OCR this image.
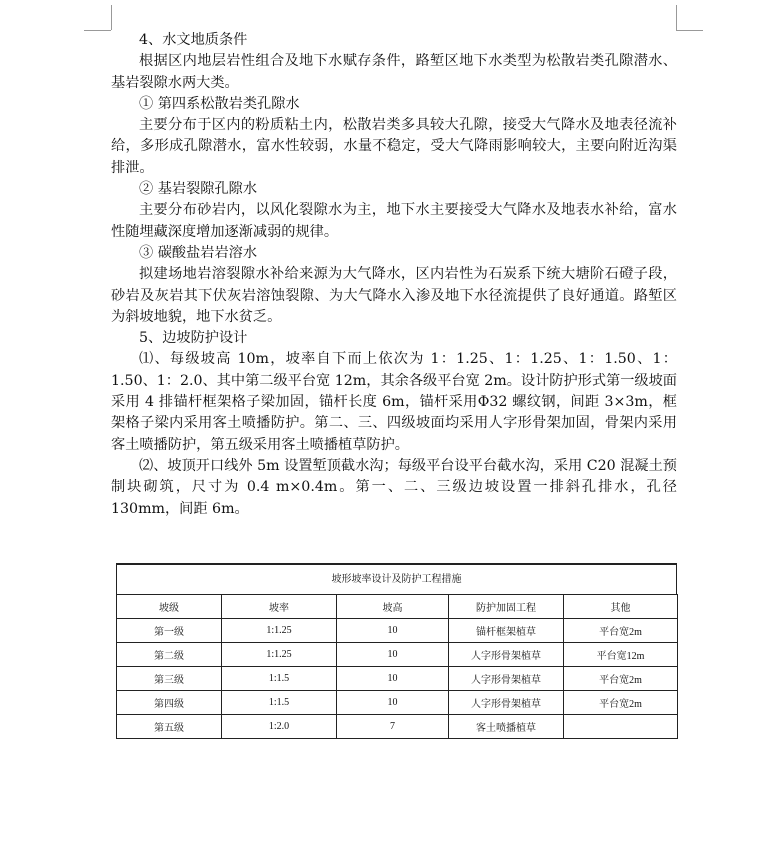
4、水文地质条件

根据区内地层岩性组合及地下水赋存条件，路堑区地下水类型为松散岩类孔隙潜水、基岩裂隙水两大类。

① 第四系松散岩类孔隙水

主要分布于区内的粉质粘土内，松散岩类多具较大孔隙，接受大气降水及地表径流补给，多形成孔隙潜水，富水性较弱，水量不稳定，受大气降雨影响较大，主要向附近沟渠排泄。

② 基岩裂隙孔隙水

主要分布砂岩内，以风化裂隙水为主，地下水主要接受大气降水及地表水补给，富水性随埋藏深度增加逐渐减弱的规律。

③ 碳酸盐岩岩溶水

拟建场地岩溶裂隙水补给来源为大气降水，区内岩性为石炭系下统大塘阶石磴子段，砂岩及灰岩其下伏灰岩溶蚀裂隙、为大气降水入渗及地下水径流提供了良好通道。路堑区为斜坡地貌，地下水贫乏。

5、边坡防护设计

⑴、每级坡高 10m，坡率自下而上依次为 1：1.25、1：1.25、1：1.50、1：1.50、1：2.0、其中第二级平台宽 12m，其余各级平台宽 2m。设计防护形式第一级坡面采用 4 排锚杆框架格子梁加固，锚杆长度 6m，锚杆采用Φ32 螺纹钢，间距 3×3m，框架格子梁内采用客土喷播防护。第二、三、四级坡面均采用人字形骨架加固，骨架内采用客土喷播防护，第五级采用客土喷播植草防护。

⑵、坡顶开口线外 5m 设置堑顶截水沟；每级平台设平台截水沟，采用 C20 混凝土预制块砌筑，尺寸为 0.4 m×0.4m。第一、二、三级边坡设置一排斜孔排水，孔径 130mm，间距 6m。

坡形坡率设计及防护工程措施
坡级	坡率	坡高	防护加固工程	其他
第一级	1:1.25	10	锚杆框架植草	平台宽2m
第二级	1:1.25	10	人字形骨架植草	平台宽12m
第三级	1:1.5	10	人字形骨架植草	平台宽2m
第四级	1:1.5	10	人字形骨架植草	平台宽2m
第五级	1:2.0	7	客土喷播植草	
